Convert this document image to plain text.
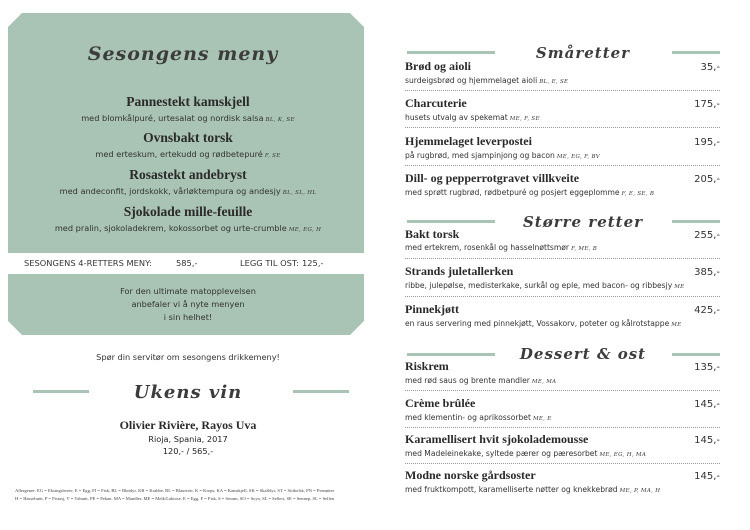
Sesongens meny
Pannestekt kamskjell
med blomkålpuré, urtesalat og nordisk salsa BL, K, SE
Ovnsbakt torsk
med erteskum, ertekudd og rødbetepuré F, SE
Rosastekt andebryst
med andeconfit, jordskokk, vårløktempura og andesjy BL, SL, HL
Sjokolade mille-feuille
med pralin, sjokoladekrem, kokossorbet og urte-crumble ME, EG, H
SESONGENS 4-RETTERS MENY:	585,-	LEGG TIL OST: 125,-
For den ultimate matopplevelsen
anbefaler vi å nyte menyen
i sin helhet!
Spør din servitør om sesongens drikkemeny!
Ukens vin
Olivier Rivière, Rayos Uva
Rioja, Spania, 2017
120,- / 565,-
Allergener: EG = Eksingshvete, E = Egg, FI = Fisk, BL = Bløtdyr, KR = Krabbe, BL = Blautveir, K = Kreps, KA = Kamskjell, SK = Skalldyr, ST = Stirkelsk, PN = Peanøtter
H = Hasselnøtt, P = Pistasj, V = Valnøtt, PE = Pekan, MA = Mandler, ME = Melk/Laktose, E = Egg, F = Fisk, S = Sesam, SO = Soya, SL = Selleri, SE = Sennep, SL = Sellen
Småretter
Brød og aioli	35,-
surdeigsbrød og hjemmelaget aioli BL, E, SE
Charcuterie	175,-
husets utvalg av spekemat ME, F, SE
Hjemmelaget leverpostei	195,-
på rugbrød, med sjampinjong og bacon ME, EG, F, BV
Dill- og pepperrotgravet villkveite	205,-
med sprøtt rugbrød, rødbetpuré og posjert eggeplomme F, E, SE, B
Større retter
Bakt torsk	255,-
med ertekrem, rosenkål og hasselnøttsmør F, ME, B
Strands juletallerken	385,-
ribbe, julepølse, medisterkake, surkål og eple, med bacon- og ribbesjy ME
Pinnekjøtt	425,-
en raus servering med pinnekjøtt, Vossakorv, poteter og kålrotstappe ME
Dessert & ost
Riskrem	135,-
med rød saus og brente mandler ME, MA
Crème brûlée	145,-
med klementin- og aprikossorbet ME, E
Karamellisert hvit sjokolademousse	145,-
med Madeleinekake, syltede pærer og pæresorbet ME, EG, H, MA
Modne norske gårdsoster	145,-
med fruktkompott, karamelliserte nøtter og knekkebrød ME, P, MA, H
